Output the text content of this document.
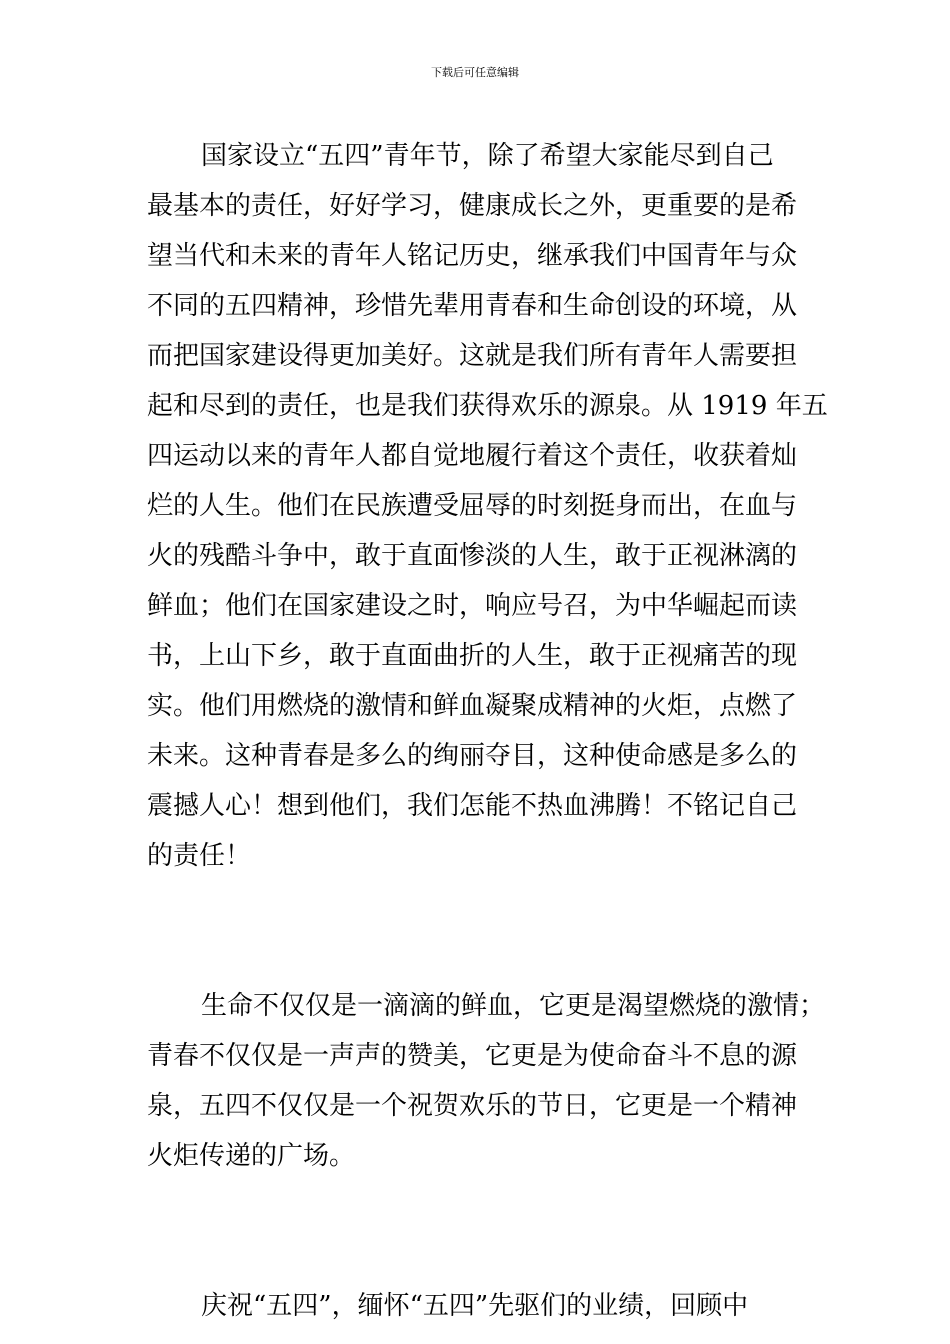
下载后可任意编辑
国家设立“五四”青年节，除了希望大家能尽到自己
最基本的责任，好好学习，健康成长之外，更重要的是希
望当代和未来的青年人铭记历史，继承我们中国青年与众
不同的五四精神，珍惜先辈用青春和生命创设的环境，从
而把国家建设得更加美好。这就是我们所有青年人需要担
起和尽到的责任，也是我们获得欢乐的源泉。从 1919 年五
四运动以来的青年人都自觉地履行着这个责任，收获着灿
烂的人生。他们在民族遭受屈辱的时刻挺身而出，在血与
火的残酷斗争中，敢于直面惨淡的人生，敢于正视淋漓的
鲜血；他们在国家建设之时，响应号召，为中华崛起而读
书，上山下乡，敢于直面曲折的人生，敢于正视痛苦的现
实。他们用燃烧的激情和鲜血凝聚成精神的火炬，点燃了
未来。这种青春是多么的绚丽夺目，这种使命感是多么的
震撼人心！想到他们，我们怎能不热血沸腾！不铭记自己
的责任！
生命不仅仅是一滴滴的鲜血，它更是渴望燃烧的激情；
青春不仅仅是一声声的赞美，它更是为使命奋斗不息的源
泉，五四不仅仅是一个祝贺欢乐的节日，它更是一个精神
火炬传递的广场。
庆祝“五四”，缅怀“五四”先驱们的业绩，回顾中
